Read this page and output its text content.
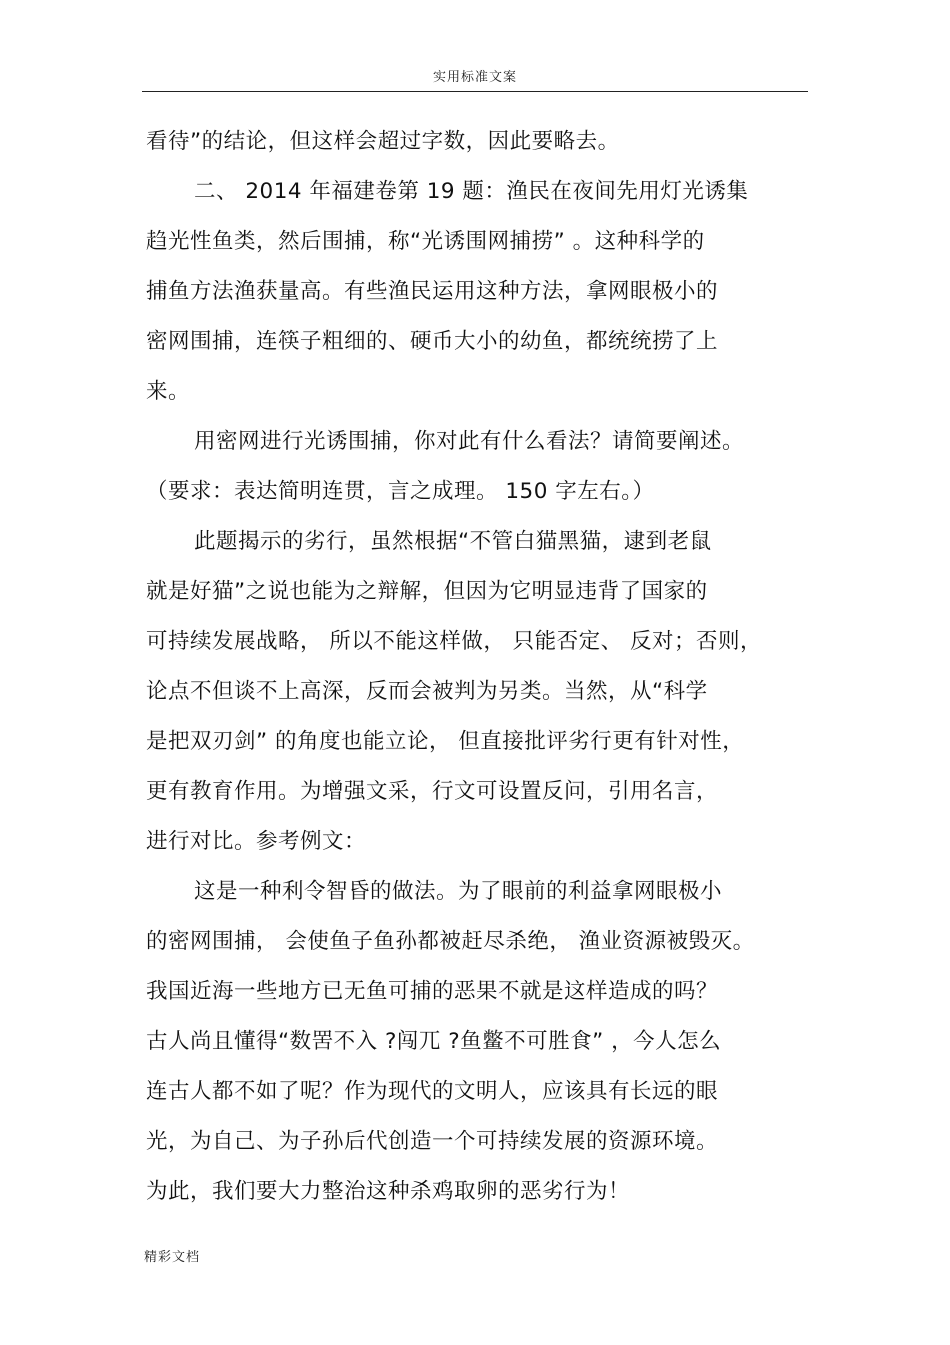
实用标准文案
看待”的结论，但这样会超过字数，因此要略去。
二、 2014 年福建卷第 19 题：渔民在夜间先用灯光诱集
趋光性鱼类，然后围捕，称“光诱围网捕捞” 。这种科学的
捕鱼方法渔获量高。有些渔民运用这种方法，拿网眼极小的
密网围捕，连筷子粗细的、硬币大小的幼鱼，都统统捞了上
来。
用密网进行光诱围捕，你对此有什么看法？请简要阐述。
（要求：表达简明连贯，言之成理。 150 字左右。）
此题揭示的劣行，虽然根据“不管白猫黑猫，逮到老鼠
就是好猫”之说也能为之辩解，但因为它明显违背了国家的
可持续发展战略， 所以不能这样做， 只能否定、 反对；否则，
论点不但谈不上高深，反而会被判为另类。当然，从“科学
是把双刃剑” 的角度也能立论， 但直接批评劣行更有针对性，
更有教育作用。为增强文采，行文可设置反问，引用名言，
进行对比。参考例文：
这是一种利令智昏的做法。为了眼前的利益拿网眼极小
的密网围捕， 会使鱼子鱼孙都被赶尽杀绝， 渔业资源被毁灭。
我国近海一些地方已无鱼可捕的恶果不就是这样造成的吗？
古人尚且懂得“数罟不入 ?闯兀 ?鱼鳖不可胜食” ，今人怎么
连古人都不如了呢？作为现代的文明人，应该具有长远的眼
光，为自己、为子孙后代创造一个可持续发展的资源环境。
为此，我们要大力整治这种杀鸡取卵的恶劣行为！
精彩文档
